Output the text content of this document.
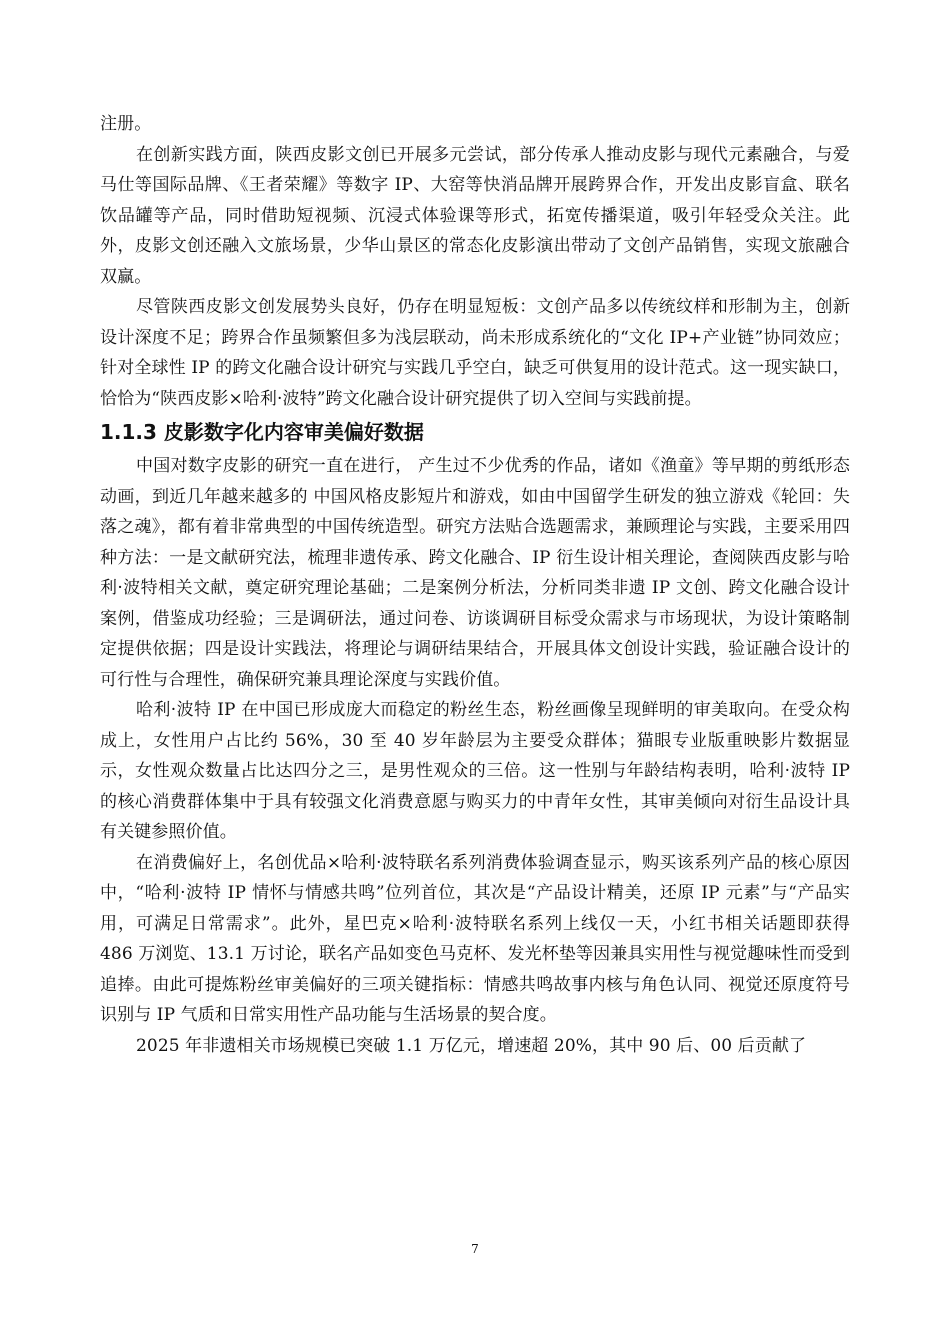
注册。

在创新实践方面，陕西皮影文创已开展多元尝试，部分传承人推动皮影与现代元素融合，与爱马仕等国际品牌、《王者荣耀》等数字 IP、大窑等快消品牌开展跨界合作，开发出皮影盲盒、联名饮品罐等产品，同时借助短视频、沉浸式体验课等形式，拓宽传播渠道，吸引年轻受众关注。此外，皮影文创还融入文旅场景，少华山景区的常态化皮影演出带动了文创产品销售，实现文旅融合双赢。

尽管陕西皮影文创发展势头良好，仍存在明显短板：文创产品多以传统纹样和形制为主，创新设计深度不足；跨界合作虽频繁但多为浅层联动，尚未形成系统化的“文化 IP+产业链”协同效应；针对全球性 IP 的跨文化融合设计研究与实践几乎空白，缺乏可供复用的设计范式。这一现实缺口，恰恰为“陕西皮影×哈利·波特”跨文化融合设计研究提供了切入空间与实践前提。

1.1.3 皮影数字化内容审美偏好数据

中国对数字皮影的研究一直在进行， 产生过不少优秀的作品，诸如《渔童》等早期的剪纸形态动画，到近几年越来越多的 中国风格皮影短片和游戏，如由中国留学生研发的独立游戏《轮回：失落之魂》，都有着非常典型的中国传统造型。研究方法贴合选题需求，兼顾理论与实践，主要采用四种方法：一是文献研究法，梳理非遗传承、跨文化融合、IP 衍生设计相关理论，查阅陕西皮影与哈利·波特相关文献，奠定研究理论基础；二是案例分析法，分析同类非遗 IP 文创、跨文化融合设计案例，借鉴成功经验；三是调研法，通过问卷、访谈调研目标受众需求与市场现状，为设计策略制定提供依据；四是设计实践法，将理论与调研结果结合，开展具体文创设计实践，验证融合设计的可行性与合理性，确保研究兼具理论深度与实践价值。

哈利·波特 IP 在中国已形成庞大而稳定的粉丝生态，粉丝画像呈现鲜明的审美取向。在受众构成上，女性用户占比约 56%，30 至 40 岁年龄层为主要受众群体；猫眼专业版重映影片数据显示，女性观众数量占比达四分之三，是男性观众的三倍。这一性别与年龄结构表明，哈利·波特 IP 的核心消费群体集中于具有较强文化消费意愿与购买力的中青年女性，其审美倾向对衍生品设计具有关键参照价值。

在消费偏好上，名创优品×哈利·波特联名系列消费体验调查显示，购买该系列产品的核心原因中，“哈利·波特 IP 情怀与情感共鸣”位列首位，其次是“产品设计精美，还原 IP 元素”与“产品实用，可满足日常需求”。此外，星巴克×哈利·波特联名系列上线仅一天，小红书相关话题即获得 486 万浏览、13.1 万讨论，联名产品如变色马克杯、发光杯垫等因兼具实用性与视觉趣味性而受到追捧。由此可提炼粉丝审美偏好的三项关键指标：情感共鸣故事内核与角色认同、视觉还原度符号识别与 IP 气质和日常实用性产品功能与生活场景的契合度。

2025 年非遗相关市场规模已突破 1.1 万亿元，增速超 20%，其中 90 后、00 后贡献了

7
